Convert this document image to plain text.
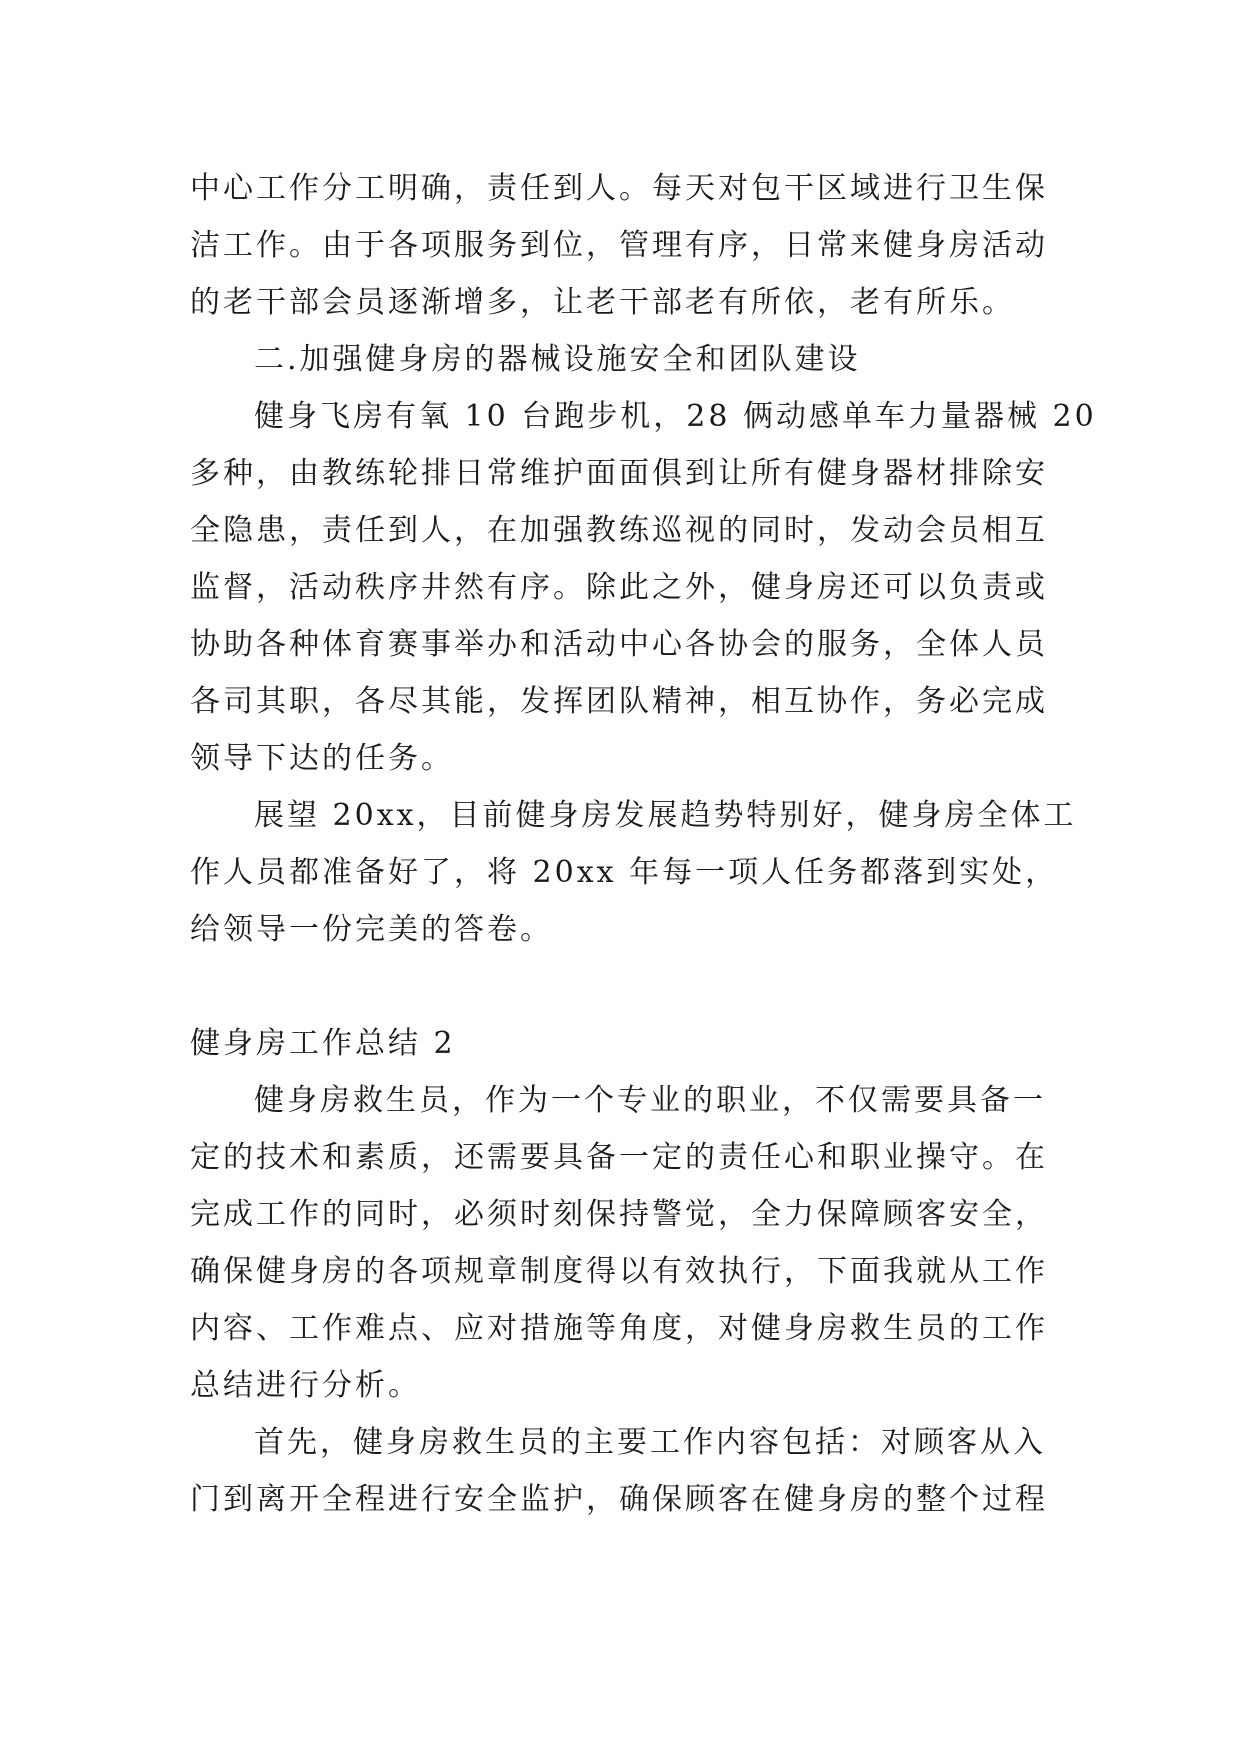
中心工作分工明确，责任到人。每天对包干区域进行卫生保
洁工作。由于各项服务到位，管理有序，日常来健身房活动
的老干部会员逐渐增多，让老干部老有所依，老有所乐。
二.加强健身房的器械设施安全和团队建设
健身飞房有氧 10 台跑步机，28 俩动感单车力量器械 20
多种，由教练轮排日常维护面面俱到让所有健身器材排除安
全隐患，责任到人，在加强教练巡视的同时，发动会员相互
监督，活动秩序井然有序。除此之外，健身房还可以负责或
协助各种体育赛事举办和活动中心各协会的服务，全体人员
各司其职，各尽其能，发挥团队精神，相互协作，务必完成
领导下达的任务。
展望 20xx，目前健身房发展趋势特别好，健身房全体工
作人员都准备好了，将 20xx 年每一项人任务都落到实处，
给领导一份完美的答卷。
健身房工作总结 2
健身房救生员，作为一个专业的职业，不仅需要具备一
定的技术和素质，还需要具备一定的责任心和职业操守。在
完成工作的同时，必须时刻保持警觉，全力保障顾客安全，
确保健身房的各项规章制度得以有效执行，下面我就从工作
内容、工作难点、应对措施等角度，对健身房救生员的工作
总结进行分析。
首先，健身房救生员的主要工作内容包括：对顾客从入
门到离开全程进行安全监护，确保顾客在健身房的整个过程
